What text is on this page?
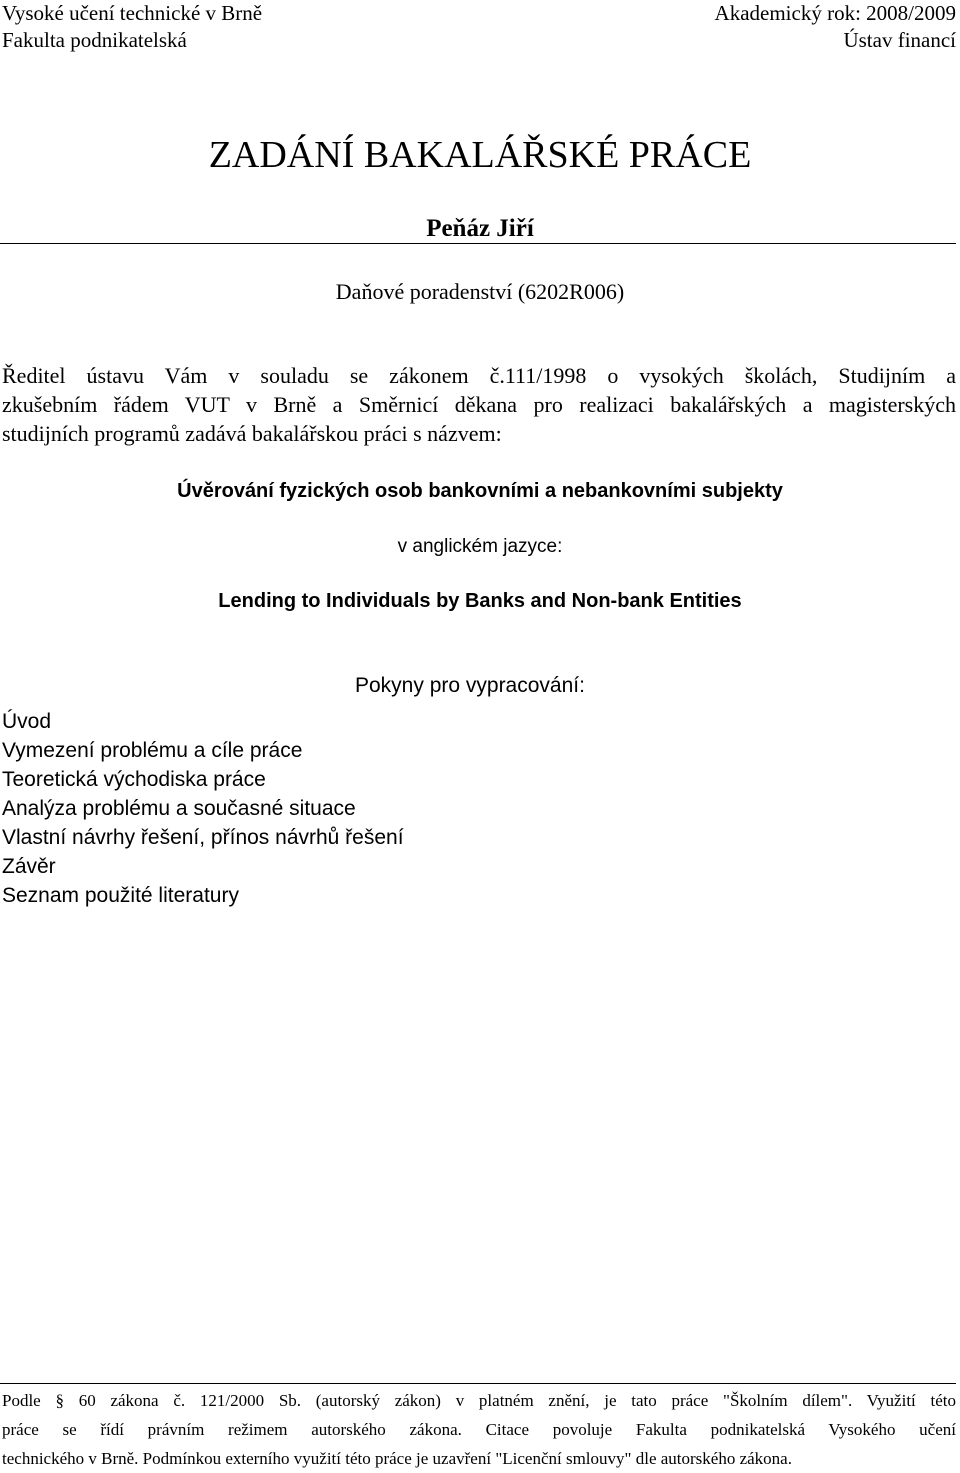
Vysoké učení technické v Brně
Fakulta podnikatelská
Akademický rok: 2008/2009
Ústav financí
ZADÁNÍ BAKALÁŘSKÉ PRÁCE
Peňáz Jiří
Daňové poradenství (6202R006)
Ředitel ústavu Vám v souladu se zákonem č.111/1998 o vysokých školách, Studijním a
zkušebním řádem VUT v Brně a Směrnicí děkana pro realizaci bakalářských a magisterských
studijních programů zadává bakalářskou práci s názvem:
Úvěrování fyzických osob bankovními a nebankovními subjekty
v anglickém jazyce:
Lending to Individuals by Banks and Non-bank Entities
Pokyny pro vypracování:
Úvod
Vymezení problému a cíle práce
Teoretická východiska práce
Analýza problému a současné situace
Vlastní návrhy řešení, přínos návrhů řešení
Závěr
Seznam použité literatury
Podle § 60 zákona č. 121/2000 Sb. (autorský zákon) v platném znění, je tato práce "Školním dílem". Využití této
práce se řídí právním režimem autorského zákona. Citace povoluje Fakulta podnikatelská Vysokého učení
technického v Brně. Podmínkou externího využití této práce je uzavření "Licenční smlouvy" dle autorského zákona.
